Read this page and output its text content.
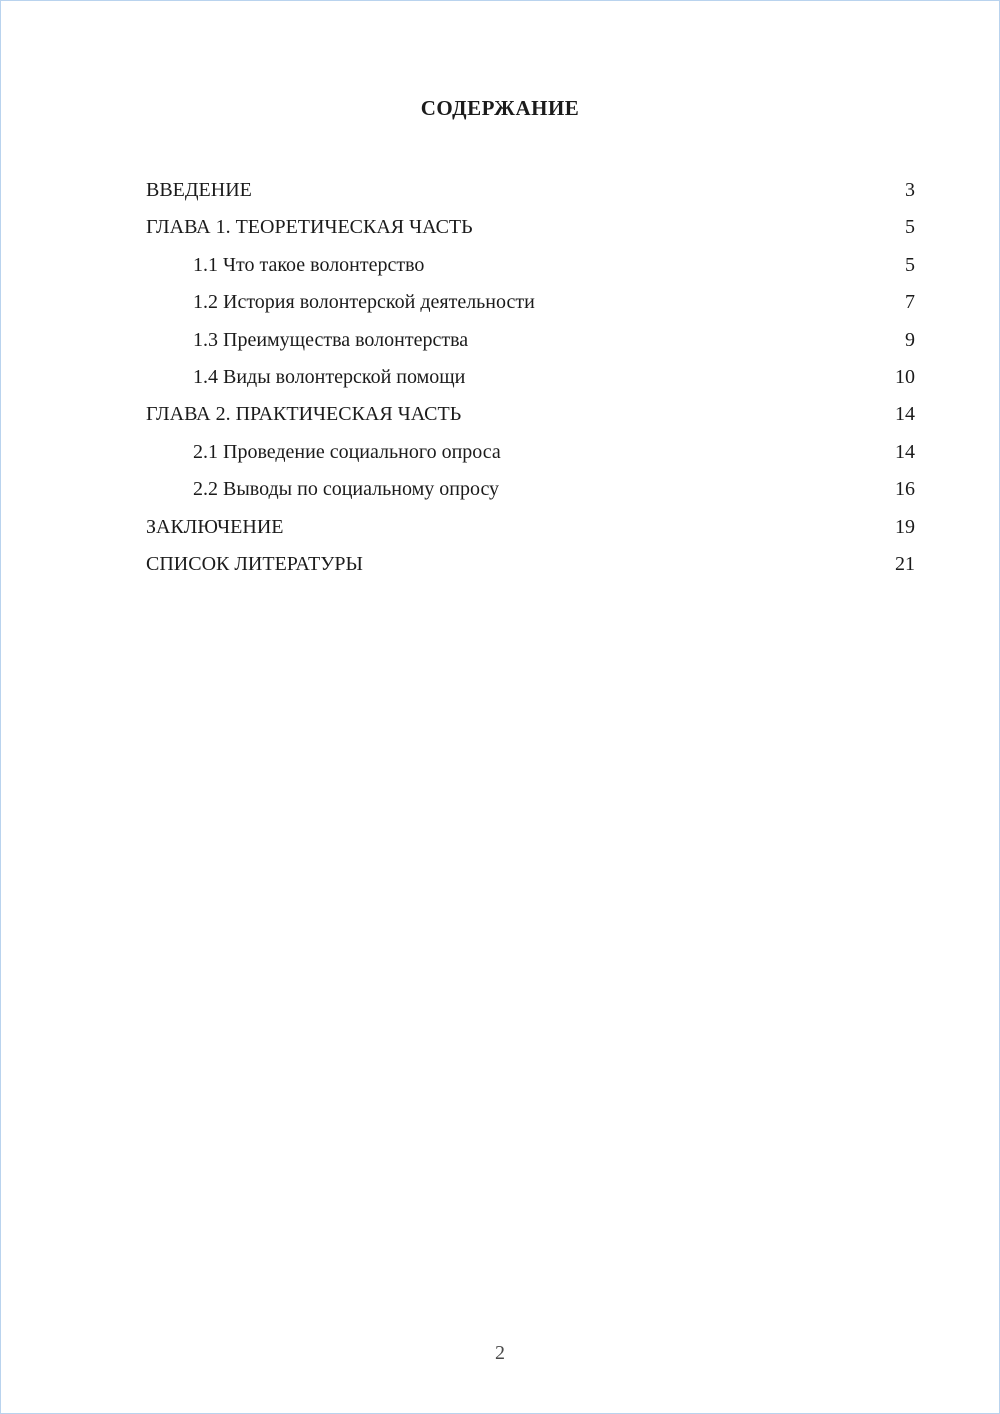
СОДЕРЖАНИЕ
ВВЕДЕНИЕ	3
ГЛАВА 1. ТЕОРЕТИЧЕСКАЯ ЧАСТЬ	5
1.1 Что такое волонтерство	5
1.2 История волонтерской деятельности	7
1.3 Преимущества волонтерства	9
1.4 Виды волонтерской помощи	10
ГЛАВА 2. ПРАКТИЧЕСКАЯ ЧАСТЬ	14
2.1 Проведение социального опроса	14
2.2 Выводы по социальному опросу	16
ЗАКЛЮЧЕНИЕ	19
СПИСОК ЛИТЕРАТУРЫ	21
2
